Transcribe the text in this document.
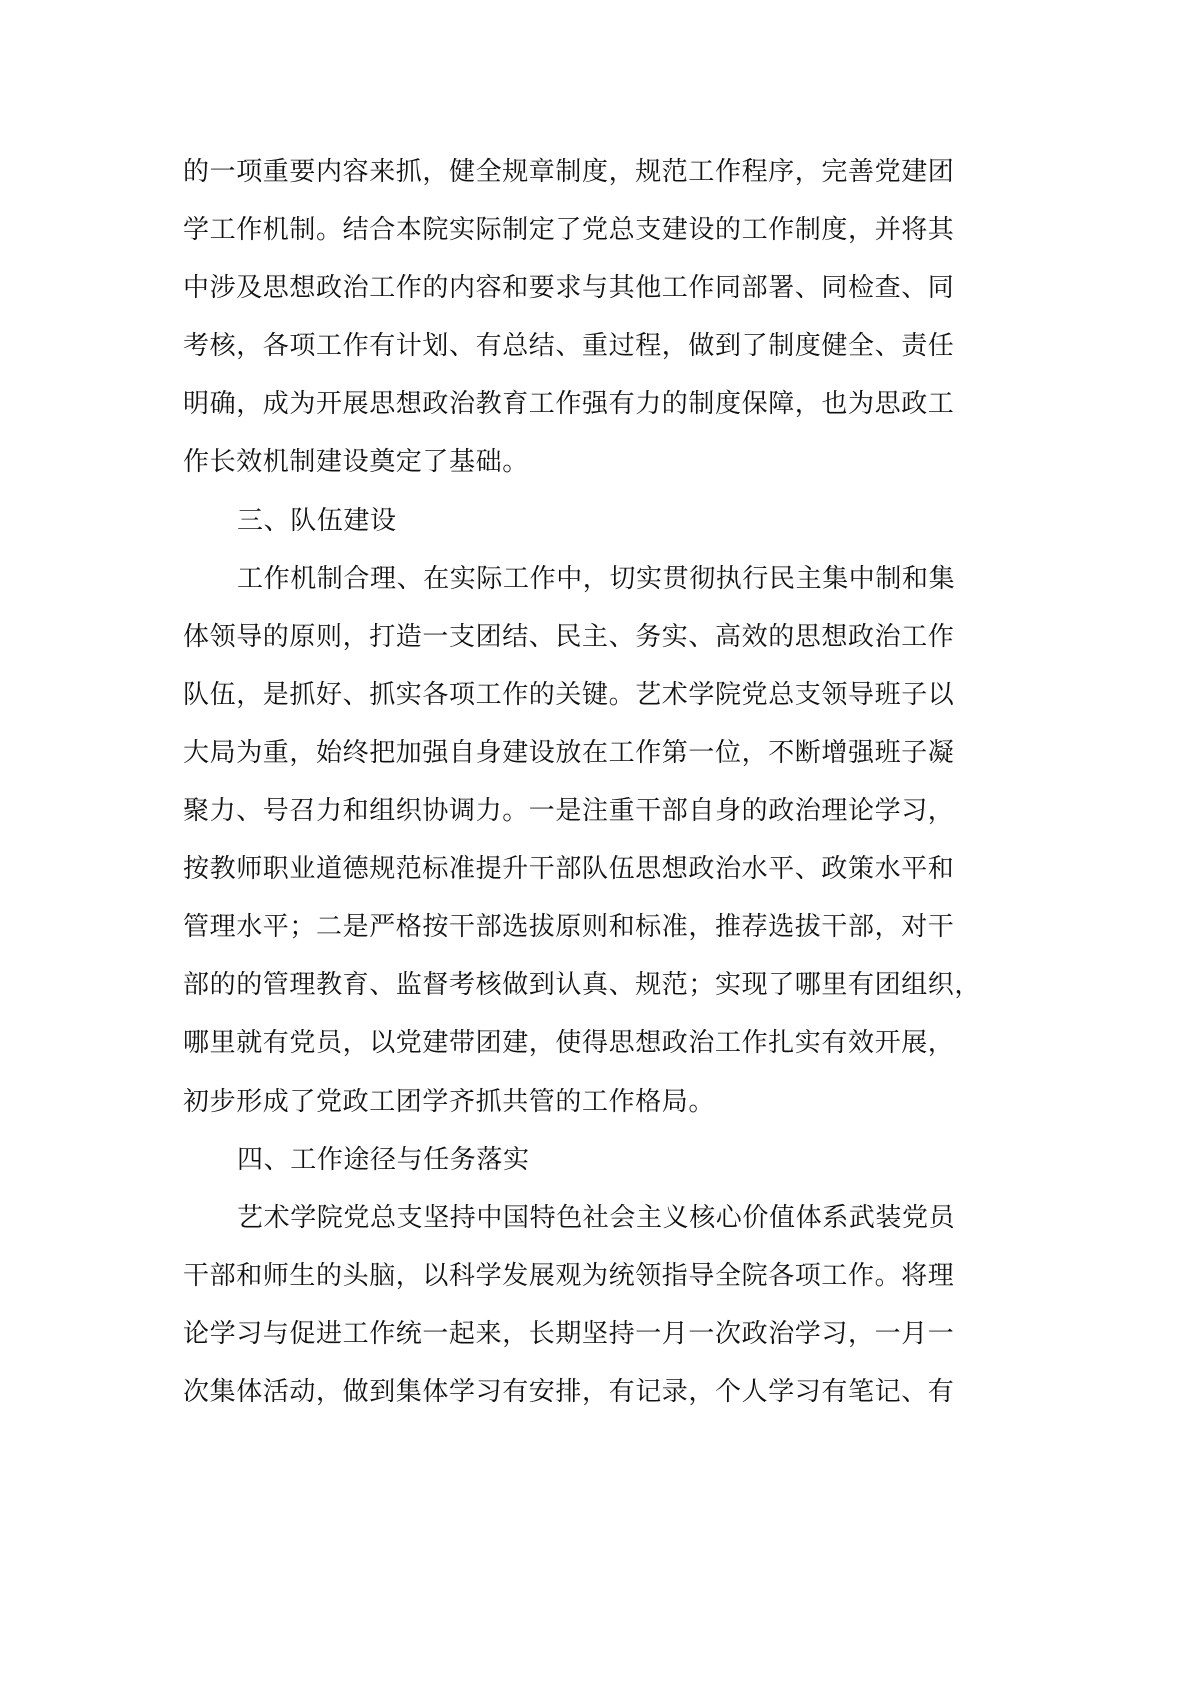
的一项重要内容来抓，健全规章制度，规范工作程序，完善党建团
学工作机制。结合本院实际制定了党总支建设的工作制度，并将其
中涉及思想政治工作的内容和要求与其他工作同部署、同检查、同
考核，各项工作有计划、有总结、重过程，做到了制度健全、责任
明确，成为开展思想政治教育工作强有力的制度保障，也为思政工
作长效机制建设奠定了基础。
三、队伍建设
工作机制合理、在实际工作中，切实贯彻执行民主集中制和集
体领导的原则，打造一支团结、民主、务实、高效的思想政治工作
队伍，是抓好、抓实各项工作的关键。艺术学院党总支领导班子以
大局为重，始终把加强自身建设放在工作第一位，不断增强班子凝
聚力、号召力和组织协调力。一是注重干部自身的政治理论学习，
按教师职业道德规范标准提升干部队伍思想政治水平、政策水平和
管理水平；二是严格按干部选拔原则和标准，推荐选拔干部，对干
部的的管理教育、监督考核做到认真、规范；实现了哪里有团组织，
哪里就有党员，以党建带团建，使得思想政治工作扎实有效开展，
初步形成了党政工团学齐抓共管的工作格局。
四、工作途径与任务落实
艺术学院党总支坚持中国特色社会主义核心价值体系武装党员
干部和师生的头脑，以科学发展观为统领指导全院各项工作。将理
论学习与促进工作统一起来，长期坚持一月一次政治学习，一月一
次集体活动，做到集体学习有安排，有记录，个人学习有笔记、有
